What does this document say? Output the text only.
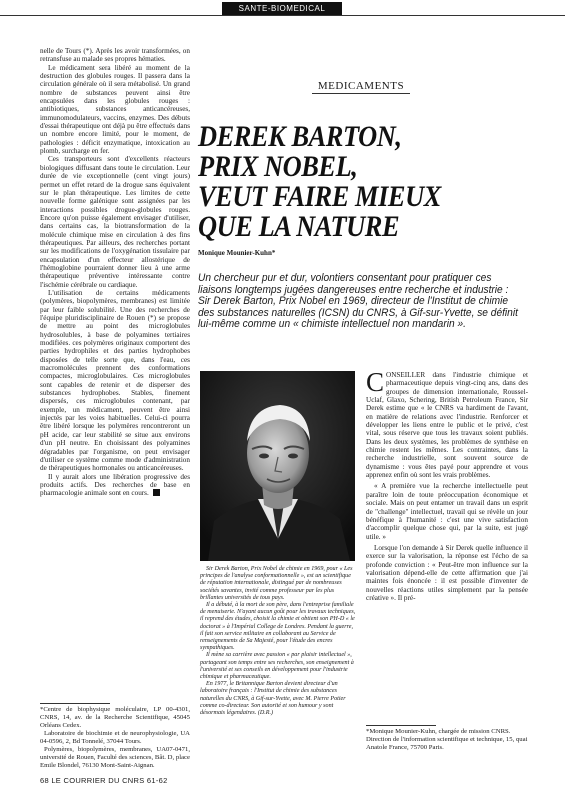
SANTE-BIOMEDICAL

nelle de Tours (*). Après les avoir transformées, on retransfuse au malade ses propres hématies.

Le médicament sera libéré au moment de la destruction des globules rouges. Il passera dans la circulation générale où il sera métabolisé. Un grand nombre de substances peuvent ainsi être encapsulées dans les globules rouges : antibiotiques, substances anticancéreuses, immunomodulateurs, vaccins, enzymes. Des débuts d'essai thérapeutique ont déjà pu être effectués dans un nombre encore limité, pour le moment, de pathologies : déficit enzymatique, intoxication au plomb, surcharge en fer.

Ces transporteurs sont d'excellents réacteurs biologiques diffusant dans toute le circulation. Leur durée de vie exceptionnelle (cent vingt jours) permet un effet retard de la drogue sans équivalent sur le plan thérapeutique. Les limites de cette nouvelle forme galénique sont assignées par les interactions possibles drogue-globules rouges. Encore qu'on puisse également envisager d'utiliser, dans certains cas, la biotransformation de la molécule chimique mise en circulation à des fins thérapeutiques. Par ailleurs, des recherches portant sur les modifications de l'oxygénation tissulaire par encapsulation d'un effecteur allostérique de l'hémoglobine pourraient donner lieu à une arme thérapeutique préventive intéressante contre l'ischémie cérébrale ou cardiaque.

L'utilisation de certains médicaments (polymères, biopolymères, membranes) est limitée par leur faible solubilité. Une des recherches de l'équipe pluridisciplinaire de Rouen (*) se propose de mettre au point des microglobules hydrosolubles, à base de polyamines tertiaires modifiées. ces polymères originaux comportent des parties hydrophiles et des parties hydrophobes disposées de telle sorte que, dans l'eau, ces macromolécules prennent des conformations compactes, microglobulaires. Ces microglobules sont capables de retenir et de disperser des substances hydrophobes. Stables, finement dispersés, ces microglobules contenant, par exemple, un médicament, peuvent être ainsi injectés par les voies habituelles. Celui-ci pourra être libéré lorsque les polymères rencontreront un pH acide, car leur stabilité se situe aux environs d'un pH neutre. En choisissant des polyamines dégradables par l'organisme, on peut envisager d'utiliser ce système comme mode d'administration de thérapeutiques hormonales ou anticancéreuses.

Il y aurait alors une libération progressive des produits actifs. Des recherches de base en pharmacologie animale sont en cours.

*Centre de biophysique moléculaire, LP 00-4301, CNRS, 14, av. de la Recherche Scientifique, 45045 Orléans Cedex.
Laboratoire de biochimie et de neurophysiologie, UA 04-0596, 2, Bd Tonnelé, 37044 Tours.
Polymères, biopolymères, membranes, UA07-0471, université de Rouen, Faculté des sciences, Bât. D, place Emile Blondel, 76130 Mont-Saint-Aignan.
MEDICAMENTS
DEREK BARTON,
PRIX NOBEL,
VEUT FAIRE MIEUX
QUE LA NATURE
Monique Mounier-Kuhn*
Un chercheur pur et dur, volontiers consentant pour pratiquer ces liaisons longtemps jugées dangereuses entre recherche et industrie : Sir Derek Barton, Prix Nobel en 1969, directeur de l'Institut de chimie des substances naturelles (ICSN) du CNRS, à Gif-sur-Yvette, se définit lui-même comme un « chimiste intellectuel non mandarin ».

Sir Derek Barton, Prix Nobel de chimie en 1969, pour « Les principes de l'analyse conformationnelle », est un scientifique de réputation internationale, distingué par de nombreuses sociétés savantes, invité comme professeur par les plus brillantes universités de tous pays.

Il a débuté, à la mort de son père, dans l'entreprise familiale de menuiserie. N'ayant aucun goût pour les travaux techniques, il reprend des études, choisit la chimie et obtient son PH-D « le doctorat » à l'Impérial College de Londres. Pendant la guerre, il fait son service militaire en collaborant au Service de renseignements de Sa Majesté, pour l'étude des encres sympathiques.

Il mène sa carrière avec passion « par plaisir intellectuel », partageant son temps entre ses recherches, son enseignement à l'université et ses conseils en développement pour l'industrie chimique et pharmaceutique.

En 1977, le Britannique Barton devient directeur d'un laboratoire français : l'Institut de chimie des substances naturelles du CNRS, à Gif-sur-Yvette, avec M. Pierre Potier comme co-directeur. Son autorité et son humour y sont désormais légendaires. (D.R.)

CONSEILLER dans l'industrie chimique et pharmaceutique depuis vingt-cinq ans, dans des groupes de dimension internationale, Roussel-Uclaf, Glaxo, Schering, British Petroleum France, Sir Derek estime que « le CNRS va hardiment de l'avant, en matière de relations avec l'industrie. Renforcer et développer les liens entre le public et le privé, c'est vital, sous réserve que tous les travaux soient publiés. Dans les deux systèmes, les problèmes de synthèse en chimie restent les mêmes. Les contraintes, dans la recherche industrielle, sont souvent source de dynamisme : vous êtes payé pour apprendre et vous apprenez enfin où sont les vrais problèmes.

« A première vue la recherche intellectuelle peut paraître loin de toute préoccupation économique et sociale. Mais on peut entamer un travail dans un esprit de "challenge" intellectuel, travail qui se révèle un jour bénéfique à l'humanité : c'est une vive satisfaction d'accomplir quelque chose qui, par la suite, est jugé utile. »

Lorsque l'on demande à Sir Derek quelle influence il exerce sur la valorisation, la réponse est l'écho de sa profonde conviction : « Peut-être mon influence sur la valorisation dépend-elle de cette affirmation que j'ai maintes fois énoncée : il est possible d'inventer de nouvelles réactions utiles simplement par la pensée créative ». Il pré-

*Monique Mounier-Kuhn, chargée de mission CNRS. Direction de l'information scientifique et technique, 15, quai Anatole France, 75700 Paris.
68 LE COURRIER DU CNRS 61-62
